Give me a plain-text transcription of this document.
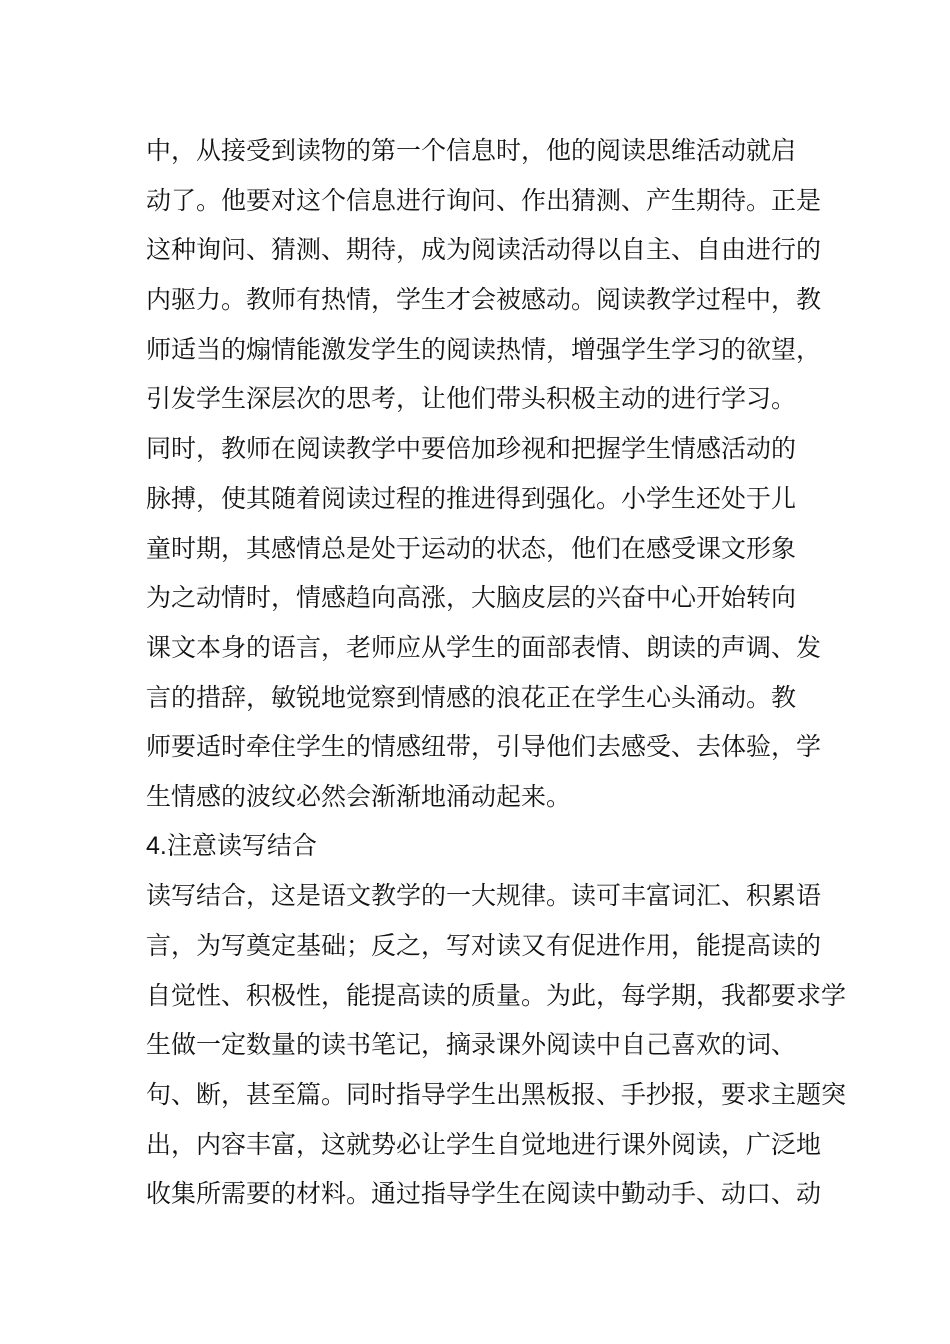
中，从接受到读物的第一个信息时，他的阅读思维活动就启
动了。他要对这个信息进行询问、作出猜测、产生期待。正是
这种询问、猜测、期待，成为阅读活动得以自主、自由进行的
内驱力。教师有热情，学生才会被感动。阅读教学过程中，教
师适当的煽情能激发学生的阅读热情，增强学生学习的欲望，
引发学生深层次的思考，让他们带头积极主动的进行学习。
同时，教师在阅读教学中要倍加珍视和把握学生情感活动的
脉搏，使其随着阅读过程的推进得到强化。小学生还处于儿
童时期，其感情总是处于运动的状态，他们在感受课文形象
为之动情时，情感趋向高涨，大脑皮层的兴奋中心开始转向
课文本身的语言，老师应从学生的面部表情、朗读的声调、发
言的措辞，敏锐地觉察到情感的浪花正在学生心头涌动。教
师要适时牵住学生的情感纽带，引导他们去感受、去体验，学
生情感的波纹必然会渐渐地涌动起来。
4.注意读写结合
读写结合，这是语文教学的一大规律。读可丰富词汇、积累语
言，为写奠定基础；反之，写对读又有促进作用，能提高读的
自觉性、积极性，能提高读的质量。为此，每学期，我都要求学
生做一定数量的读书笔记，摘录课外阅读中自己喜欢的词、
句、断，甚至篇。同时指导学生出黑板报、手抄报，要求主题突
出，内容丰富，这就势必让学生自觉地进行课外阅读，广泛地
收集所需要的材料。通过指导学生在阅读中勤动手、动口、动
